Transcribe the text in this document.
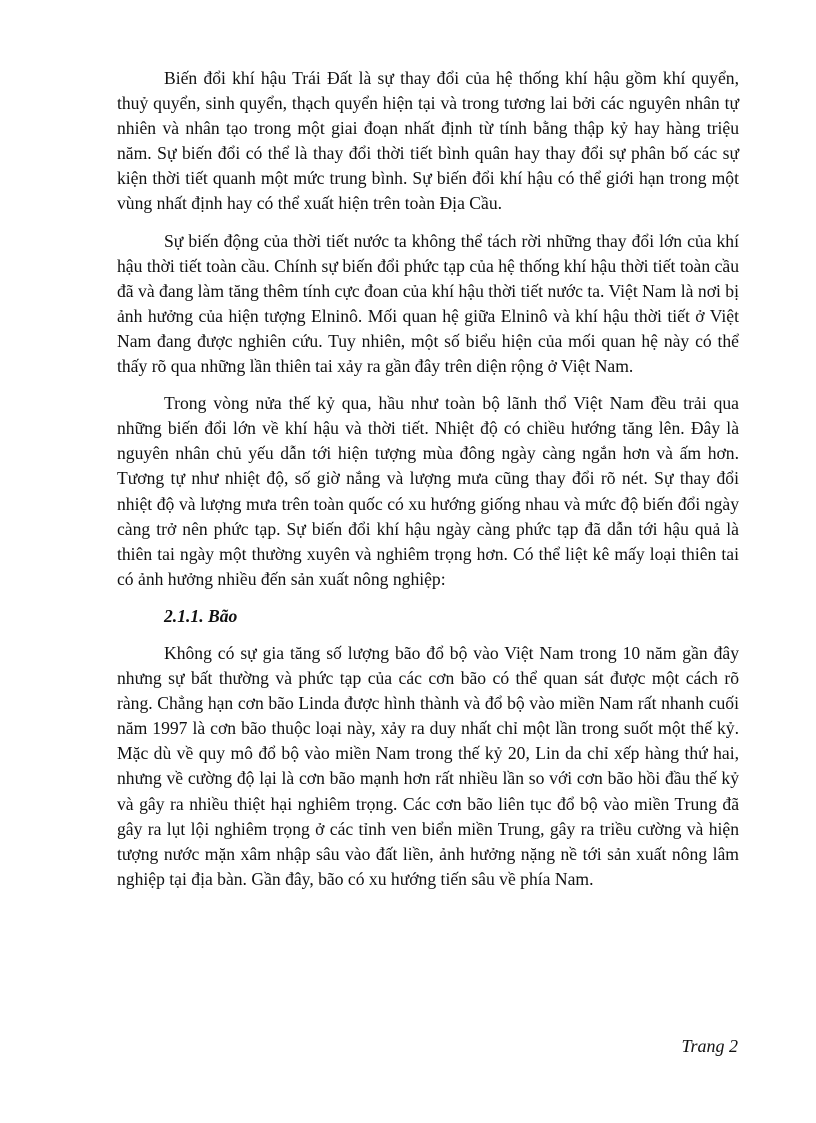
Biến đổi khí hậu Trái Đất là sự thay đổi của hệ thống khí hậu gồm khí quyển, thuỷ quyển, sinh quyển, thạch quyển hiện tại và trong tương lai bởi các nguyên nhân tự nhiên và nhân tạo trong một giai đoạn nhất định từ tính bằng thập kỷ hay hàng triệu năm. Sự biến đổi có thể là thay đổi thời tiết bình quân hay thay đổi sự phân bố các sự kiện thời tiết quanh một mức trung bình. Sự biến đổi khí hậu có thể giới hạn trong một vùng nhất định hay có thể xuất hiện trên toàn Địa Cầu.

Sự biến động của thời tiết nước ta không thể tách rời những thay đổi lớn của khí hậu thời tiết toàn cầu. Chính sự biến đổi phức tạp của hệ thống khí hậu thời tiết toàn cầu đã và đang làm tăng thêm tính cực đoan của khí hậu thời tiết nước ta. Việt Nam là nơi bị ảnh hưởng của hiện tượng Elninô. Mối quan hệ giữa Elninô và khí hậu thời tiết ở Việt Nam đang được nghiên cứu. Tuy nhiên, một số biểu hiện của mối quan hệ này có thể thấy rõ qua những lần thiên tai xảy ra gần đây trên diện rộng ở Việt Nam.

Trong vòng nửa thế kỷ qua, hầu như toàn bộ lãnh thổ Việt Nam đều trải qua những biến đổi lớn về khí hậu và thời tiết. Nhiệt độ có chiều hướng tăng lên. Đây là nguyên nhân chủ yếu dẫn tới hiện tượng mùa đông ngày càng ngắn hơn và ấm hơn. Tương tự như nhiệt độ, số giờ nắng và lượng mưa cũng thay đổi rõ nét. Sự thay đổi nhiệt độ và lượng mưa trên toàn quốc có xu hướng giống nhau và mức độ biến đổi ngày càng trở nên phức tạp. Sự biến đổi khí hậu ngày càng phức tạp đã dẫn tới hậu quả là thiên tai ngày một thường xuyên và nghiêm trọng hơn. Có thể liệt kê mấy loại thiên tai có ảnh hưởng nhiều đến sản xuất nông nghiệp:

2.1.1. Bão

Không có sự gia tăng số lượng bão đổ bộ vào Việt Nam trong 10 năm gần đây nhưng sự bất thường và phức tạp của các cơn bão có thể quan sát được một cách rõ ràng. Chẳng hạn cơn bão Linda được hình thành và đổ bộ vào miền Nam rất nhanh cuối năm 1997 là cơn bão thuộc loại này, xảy ra duy nhất chỉ một lần trong suốt một thế kỷ. Mặc dù về quy mô đổ bộ vào miền Nam trong thế kỷ 20, Lin da chỉ xếp hàng thứ hai, nhưng về cường độ lại là cơn bão mạnh hơn rất nhiều lần so với cơn bão hồi đầu thế kỷ và gây ra nhiều thiệt hại nghiêm trọng. Các cơn bão liên tục đổ bộ vào miền Trung đã gây ra lụt lội nghiêm trọng ở các tỉnh ven biển miền Trung, gây ra triều cường và hiện tượng nước mặn xâm nhập sâu vào đất liền, ảnh hưởng nặng nề tới sản xuất nông lâm nghiệp tại địa bàn. Gần đây, bão có xu hướng tiến sâu về phía Nam.

Trang 2
